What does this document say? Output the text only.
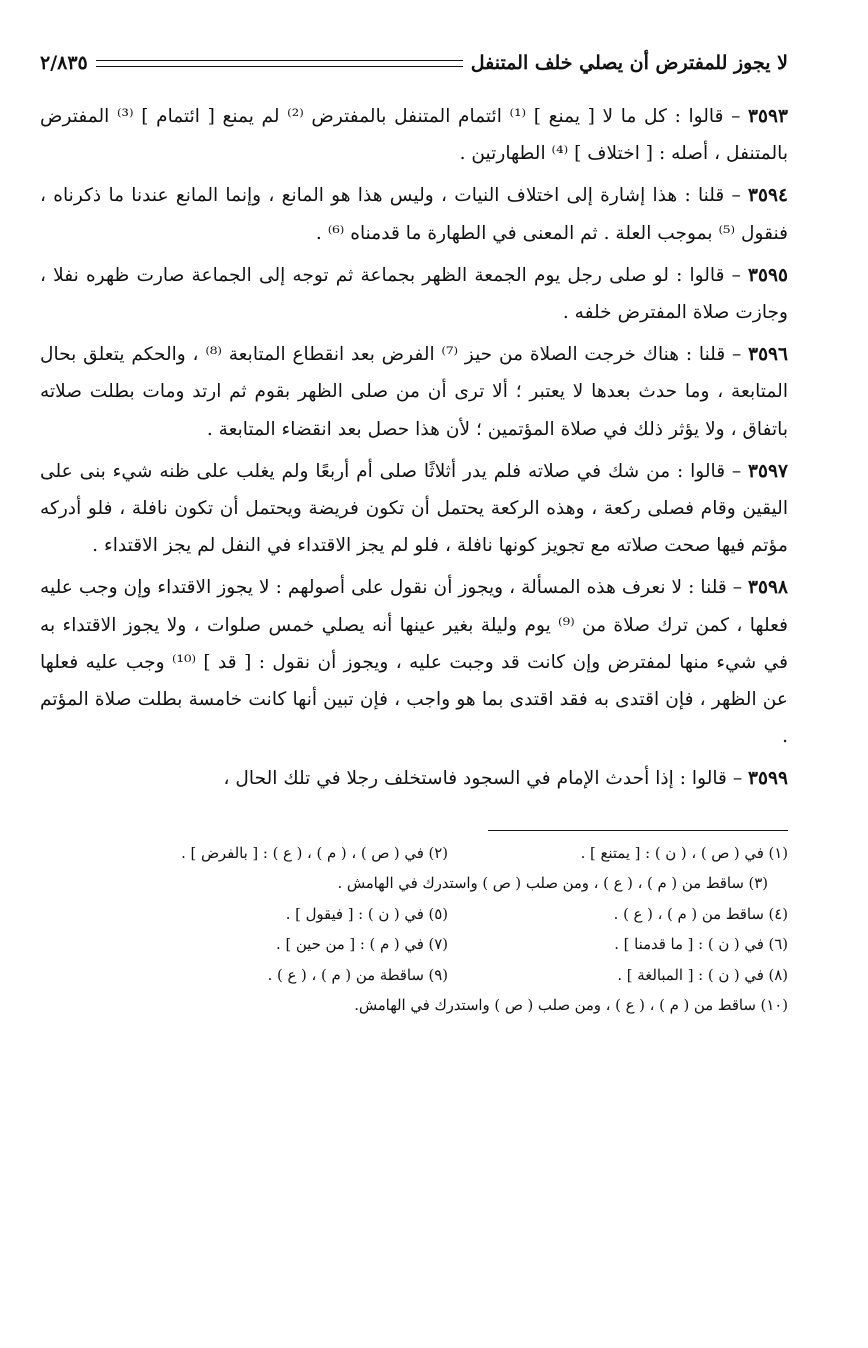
لا يجوز للمفترض أن يصلي خلف المتنفل
٢/٨٣٥

٣٥٩٣ – قالوا : كل ما لا [ يمنع ] ⁽¹⁾ ائتمام المتنفل بالمفترض ⁽²⁾ لم يمنع [ ائتمام ] ⁽³⁾ المفترض بالمتنفل ، أصله : [ اختلاف ] ⁽⁴⁾ الطهارتين .

٣٥٩٤ – قلنا : هذا إشارة إلى اختلاف النيات ، وليس هذا هو المانع ، وإنما المانع عندنا ما ذكرناه ، فنقول ⁽⁵⁾ بموجب العلة . ثم المعنى في الطهارة ما قدمناه ⁽⁶⁾ .

٣٥٩٥ – قالوا : لو صلى رجل يوم الجمعة الظهر بجماعة ثم توجه إلى الجماعة صارت ظهره نفلا ، وجازت صلاة المفترض خلفه .

٣٥٩٦ – قلنا : هناك خرجت الصلاة من حيز ⁽⁷⁾ الفرض بعد انقطاع المتابعة ⁽⁸⁾ ، والحكم يتعلق بحال المتابعة ، وما حدث بعدها لا يعتبر ؛ ألا ترى أن من صلى الظهر بقوم ثم ارتد ومات بطلت صلاته باتفاق ، ولا يؤثر ذلك في صلاة المؤتمين ؛ لأن هذا حصل بعد انقضاء المتابعة .

٣٥٩٧ – قالوا : من شك في صلاته فلم يدر أثلاثًا صلى أم أربعًا ولم يغلب على ظنه شيء بنى على اليقين وقام فصلى ركعة ، وهذه الركعة يحتمل أن تكون فريضة ويحتمل أن تكون نافلة ، فلو أدركه مؤتم فيها صحت صلاته مع تجويز كونها نافلة ، فلو لم يجز الاقتداء في النفل لم يجز الاقتداء .

٣٥٩٨ – قلنا : لا نعرف هذه المسألة ، ويجوز أن نقول على أصولهم : لا يجوز الاقتداء وإن وجب عليه فعلها ، كمن ترك صلاة من ⁽⁹⁾ يوم وليلة بغير عينها أنه يصلي خمس صلوات ، ولا يجوز الاقتداء به في شيء منها لمفترض وإن كانت قد وجبت عليه ، ويجوز أن نقول : [ قد ] ⁽¹⁰⁾ وجب عليه فعلها عن الظهر ، فإن اقتدى به فقد اقتدى بما هو واجب ، فإن تبين أنها كانت خامسة بطلت صلاة المؤتم .

٣٥٩٩ – قالوا : إذا أحدث الإمام في السجود فاستخلف رجلا في تلك الحال ،

(١) في ( ص ) ، ( ن ) : [ يمتنع ] .
(٢) في ( ص ) ، ( م ) ، ( ع ) : [ بالفرض ] .
(٣) ساقط من ( م ) ، ( ع ) ، ومن صلب ( ص ) واستدرك في الهامش .
(٤) ساقط من ( م ) ، ( ع ) .
(٥) في ( ن ) : [ فيقول ] .
(٦) في ( ن ) : [ ما قدمنا ] .
(٧) في ( م ) : [ من حين ] .
(٨) في ( ن ) : [ المبالغة ] .
(٩) ساقطة من ( م ) ، ( ع ) .
(١٠) ساقط من ( م ) ، ( ع ) ، ومن صلب ( ص ) واستدرك في الهامش.
